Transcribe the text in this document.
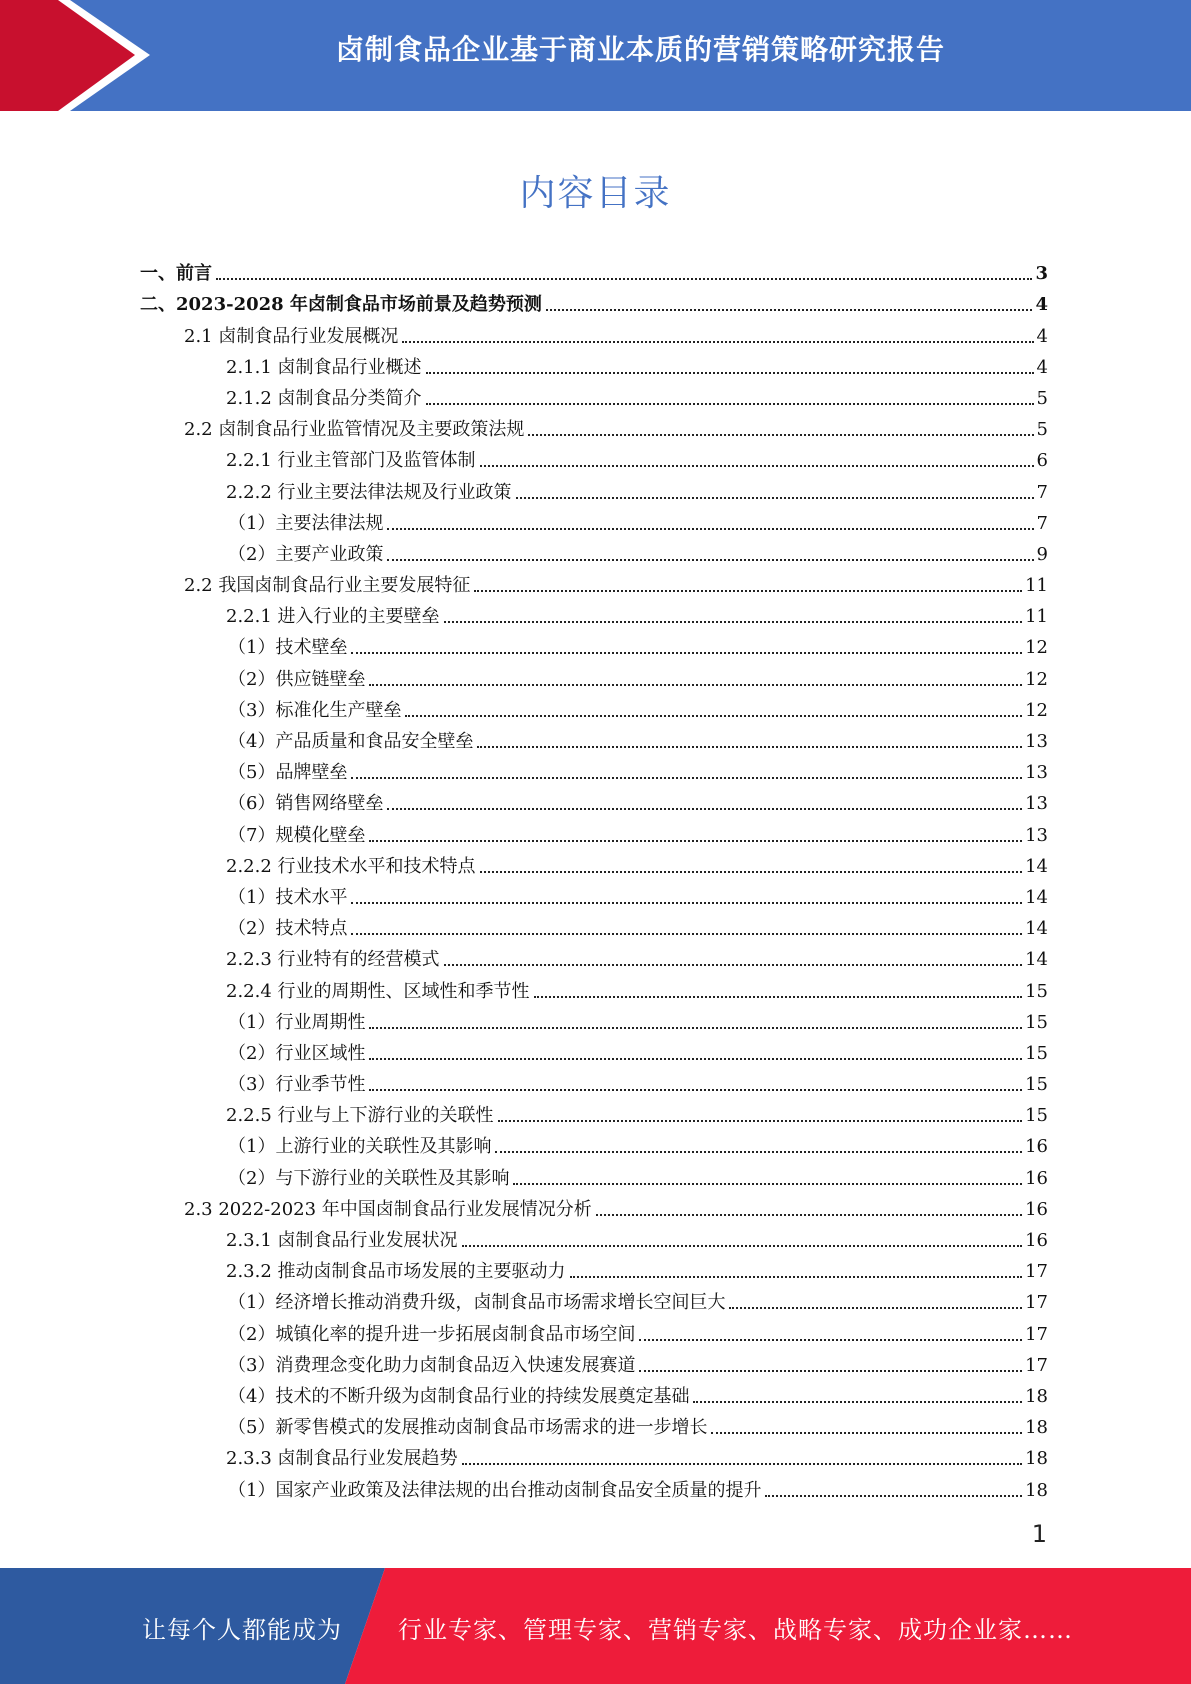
卤制食品企业基于商业本质的营销策略研究报告
内容目录
一、前言	3
二、2023-2028 年卤制食品市场前景及趋势预测	4
2.1 卤制食品行业发展概况	4
2.1.1 卤制食品行业概述	4
2.1.2 卤制食品分类简介	5
2.2 卤制食品行业监管情况及主要政策法规	5
2.2.1 行业主管部门及监管体制	6
2.2.2 行业主要法律法规及行业政策	7
（1）主要法律法规	7
（2）主要产业政策	9
2.2 我国卤制食品行业主要发展特征	11
2.2.1 进入行业的主要壁垒	11
（1）技术壁垒	12
（2）供应链壁垒	12
（3）标准化生产壁垒	12
（4）产品质量和食品安全壁垒	13
（5）品牌壁垒	13
（6）销售网络壁垒	13
（7）规模化壁垒	13
2.2.2 行业技术水平和技术特点	14
（1）技术水平	14
（2）技术特点	14
2.2.3 行业特有的经营模式	14
2.2.4 行业的周期性、区域性和季节性	15
（1）行业周期性	15
（2）行业区域性	15
（3）行业季节性	15
2.2.5 行业与上下游行业的关联性	15
（1）上游行业的关联性及其影响	16
（2）与下游行业的关联性及其影响	16
2.3 2022-2023 年中国卤制食品行业发展情况分析	16
2.3.1 卤制食品行业发展状况	16
2.3.2 推动卤制食品市场发展的主要驱动力	17
（1）经济增长推动消费升级，卤制食品市场需求增长空间巨大	17
（2）城镇化率的提升进一步拓展卤制食品市场空间	17
（3）消费理念变化助力卤制食品迈入快速发展赛道	17
（4）技术的不断升级为卤制食品行业的持续发展奠定基础	18
（5）新零售模式的发展推动卤制食品市场需求的进一步增长	18
2.3.3 卤制食品行业发展趋势	18
（1）国家产业政策及法律法规的出台推动卤制食品安全质量的提升	18
1
让每个人都能成为 行业专家、管理专家、营销专家、战略专家、成功企业家……
